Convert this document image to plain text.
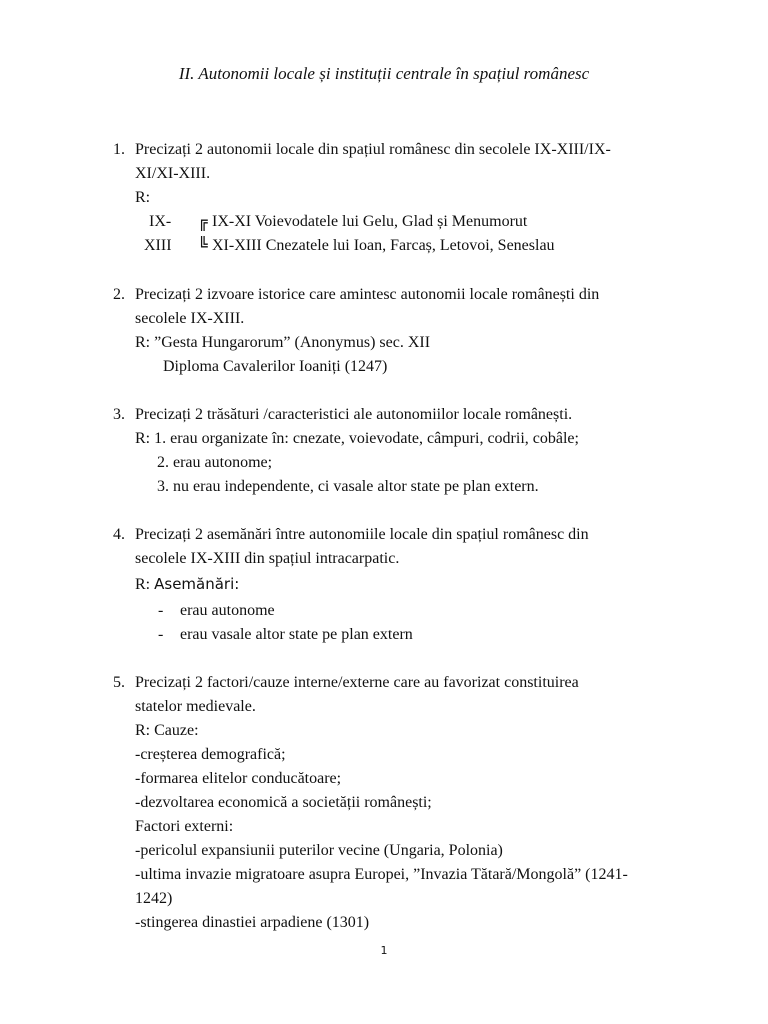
II. Autonomii locale și instituții centrale în spațiul românesc
1. Precizați 2 autonomii locale din spațiul românesc din secolele IX-XIII/IX-
XI/XI-XIII.
R:
IX-
XIII
╔
╚
IX-XI Voievodatele lui Gelu, Glad și Menumorut
XI-XIII Cnezatele lui Ioan, Farcaș, Letovoi, Seneslau
2. Precizați 2 izvoare istorice care amintesc autonomii locale românești din
secolele IX-XIII.
R: ”Gesta Hungarorum” (Anonymus) sec. XII
Diploma Cavalerilor Ioaniți (1247)
3. Precizați 2 trăsături /caracteristici ale autonomiilor locale românești.
R: 1. erau organizate în: cnezate, voievodate, câmpuri, codrii, cobâle;
2. erau autonome;
3. nu erau independente, ci vasale altor state pe plan extern.
4. Precizați 2 asemănări între autonomiile locale din spațiul românesc din
secolele IX-XIII din spațiul intracarpatic.
R: Asemănări:
- erau autonome
- erau vasale altor state pe plan extern
5. Precizați 2 factori/cauze interne/externe care au favorizat constituirea
statelor medievale.
R: Cauze:
-creșterea demografică;
-formarea elitelor conducătoare;
-dezvoltarea economică a societății românești;
Factori externi:
-pericolul expansiunii puterilor vecine (Ungaria, Polonia)
-ultima invazie migratoare asupra Europei, ”Invazia Tătară/Mongolă” (1241-
1242)
-stingerea dinastiei arpadiene (1301)
1
